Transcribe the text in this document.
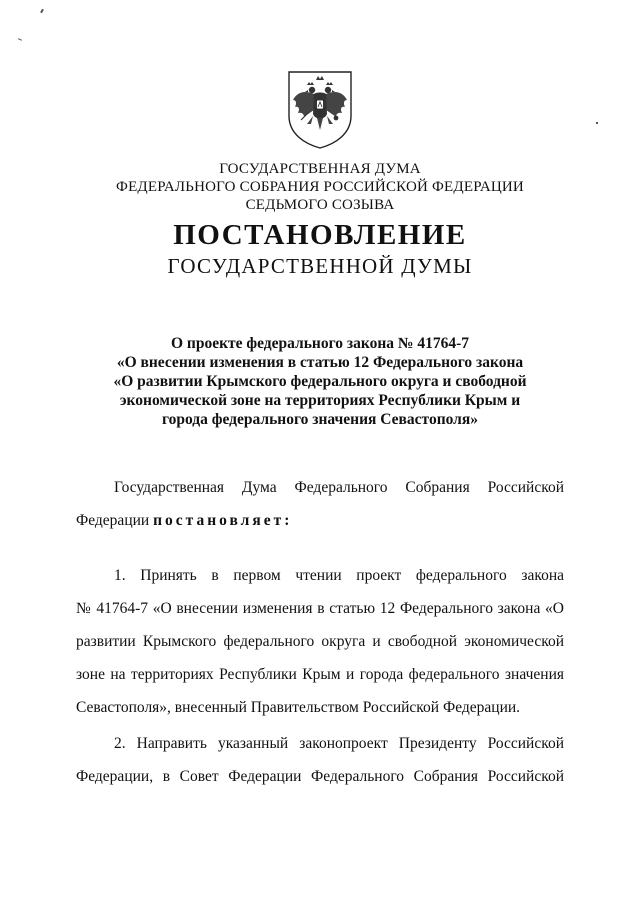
ГОСУДАРСТВЕННАЯ ДУМА
ФЕДЕРАЛЬНОГО СОБРАНИЯ РОССИЙСКОЙ ФЕДЕРАЦИИ
СЕДЬМОГО СОЗЫВА
ПОСТАНОВЛЕНИЕ
ГОСУДАРСТВЕННОЙ ДУМЫ
О проекте федерального закона № 41764-7
«О внесении изменения в статью 12 Федерального закона
«О развитии Крымского федерального округа и свободной
экономической зоне на территориях Республики Крым и
города федерального значения Севастополя»
Государственная Дума Федерального Собрания Российской
Федерации постановляет:
1. Принять в первом чтении проект федерального закона
№ 41764-7 «О внесении изменения в статью 12 Федерального закона «О
развитии Крымского федерального округа и свободной экономической
зоне на территориях Республики Крым и города федерального значения
Севастополя», внесенный Правительством Российской Федерации.
2. Направить указанный законопроект Президенту Российской
Федерации, в Совет Федерации Федерального Собрания Российской
